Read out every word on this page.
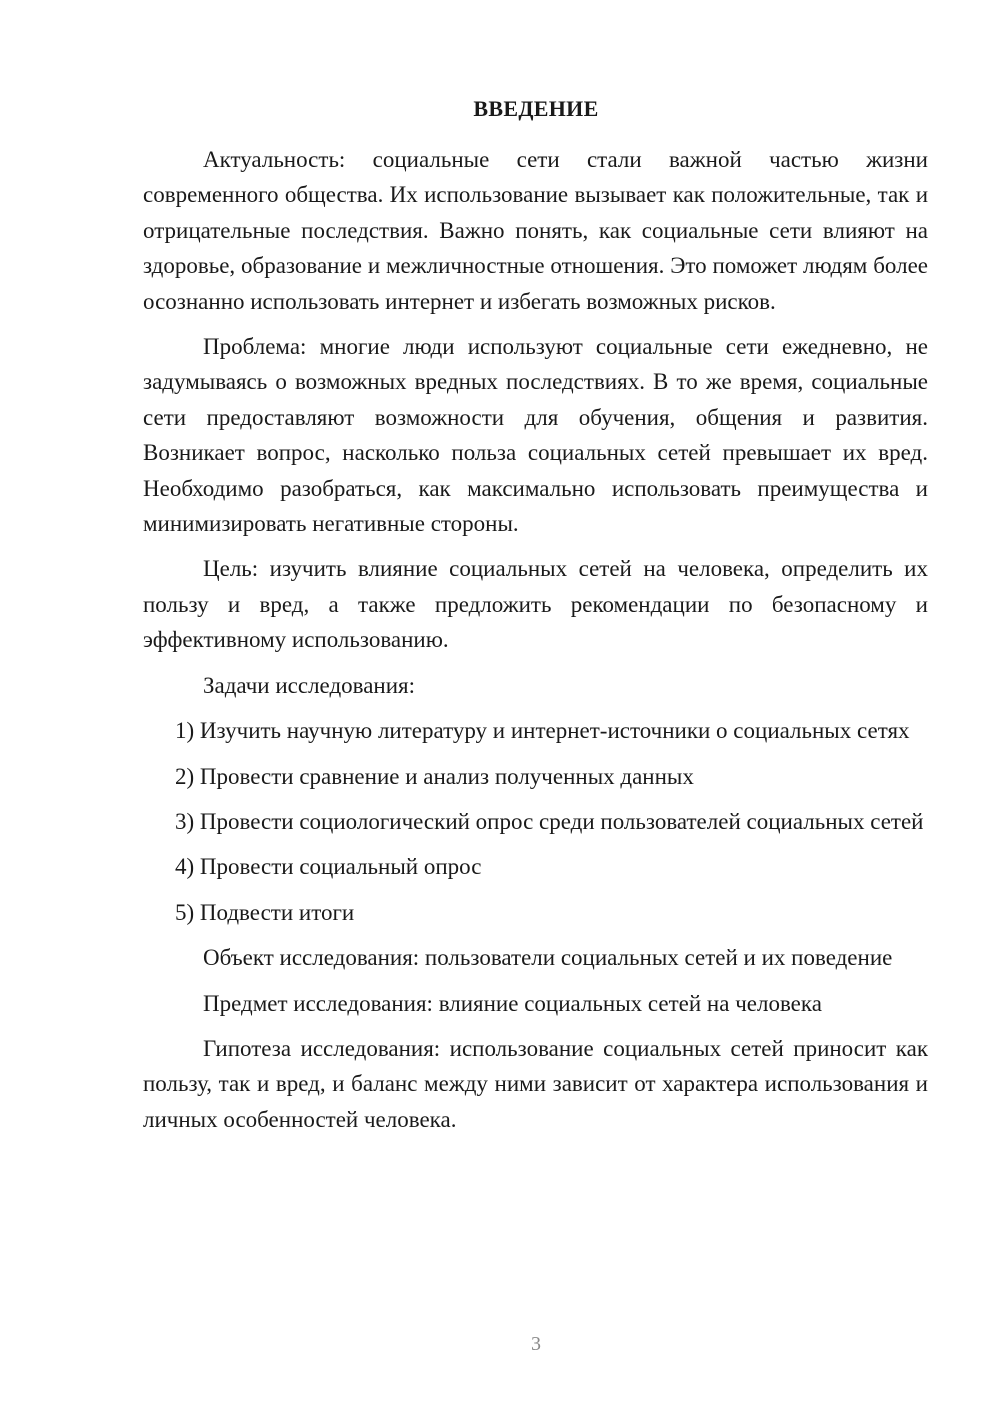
ВВЕДЕНИЕ

Актуальность: социальные сети стали важной частью жизни современного общества. Их использование вызывает как положительные, так и отрицательные последствия. Важно понять, как социальные сети влияют на здоровье, образование и межличностные отношения. Это поможет людям более осознанно использовать интернет и избегать возможных рисков.

Проблема: многие люди используют социальные сети ежедневно, не задумываясь о возможных вредных последствиях. В то же время, социальные сети предоставляют возможности для обучения, общения и развития. Возникает вопрос, насколько польза социальных сетей превышает их вред. Необходимо разобраться, как максимально использовать преимущества и минимизировать негативные стороны.

Цель: изучить влияние социальных сетей на человека, определить их пользу и вред, а также предложить рекомендации по безопасному и эффективному использованию.

Задачи исследования:

1) Изучить научную литературу и интернет-источники о социальных сетях

2) Провести сравнение и анализ полученных данных

3) Провести социологический опрос среди пользователей социальных сетей

4) Провести социальный опрос

5) Подвести итоги

Объект исследования: пользователи социальных сетей и их поведение

Предмет исследования: влияние социальных сетей на человека

Гипотеза исследования: использование социальных сетей приносит как пользу, так и вред, и баланс между ними зависит от характера использования и личных особенностей человека.

3
